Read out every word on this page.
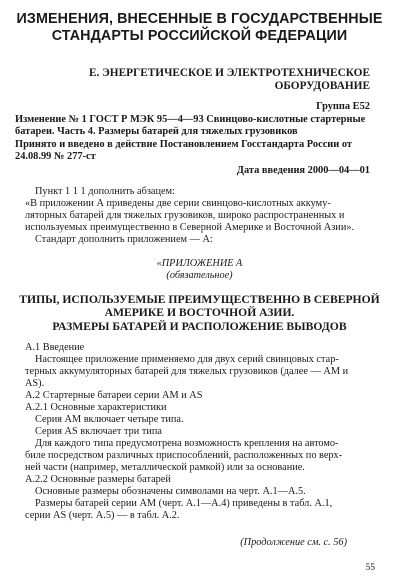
ИЗМЕНЕНИЯ, ВНЕСЕННЫЕ В ГОСУДАРСТВЕННЫЕ

СТАНДАРТЫ РОССИЙСКОЙ ФЕДЕРАЦИИ

Е. ЭНЕРГЕТИЧЕСКОЕ И ЭЛЕКТРОТЕХНИЧЕСКОЕ

ОБОРУДОВАНИЕ

Группа Е52

Изменение № 1 ГОСТ Р МЭК 95—4—93 Свинцово-кислотные стартерные

батареи. Часть 4. Размеры батарей для тяжелых грузовиков

Принято и введено в действие Постановлением Госстандарта России от

24.08.99 № 277-ст

Дата введения 2000—04—01

Пункт 1 1 1 дополнить абзацем:

«В приложении А приведены две серии свинцово-кислотных аккуму-

ляторных батарей для тяжелых грузовиков, широко распространенных и

используемых преимущественно в Северной Америке и Восточной Азии».

Стандарт дополнить приложением — А:

«ПРИЛОЖЕНИЕ А

(обязательное)

ТИПЫ, ИСПОЛЬЗУЕМЫЕ ПРЕИМУЩЕСТВЕННО В СЕВЕРНОЙ

АМЕРИКЕ И ВОСТОЧНОЙ АЗИИ.

РАЗМЕРЫ БАТАРЕЙ И РАСПОЛОЖЕНИЕ ВЫВОДОВ

А.1 Введение

Настоящее приложение применяемо для двух серий свинцовых стар-

терных аккумуляторных батарей для тяжелых грузовиков (далее — АМ и

AS).

А.2 Стартерные батареи серии АМ и AS

А.2.1 Основные характеристики

Серия АМ включает четыре типа.

Серия AS включает три типа

Для каждого типа предусмотрена возможность крепления на автомо-

биле посредством различных приспособлений, расположенных по верх-

ней части (например, металлической рамкой) или за основание.

А.2.2 Основные размеры батарей

Основные размеры обозначены символами на черт. А.1—А.5.

Размеры батарей серии АМ (черт. А.1—А.4) приведены в табл. А.1,

серии AS (черт. А.5) — в табл. А.2.

(Продолжение см. с. 56)

55
